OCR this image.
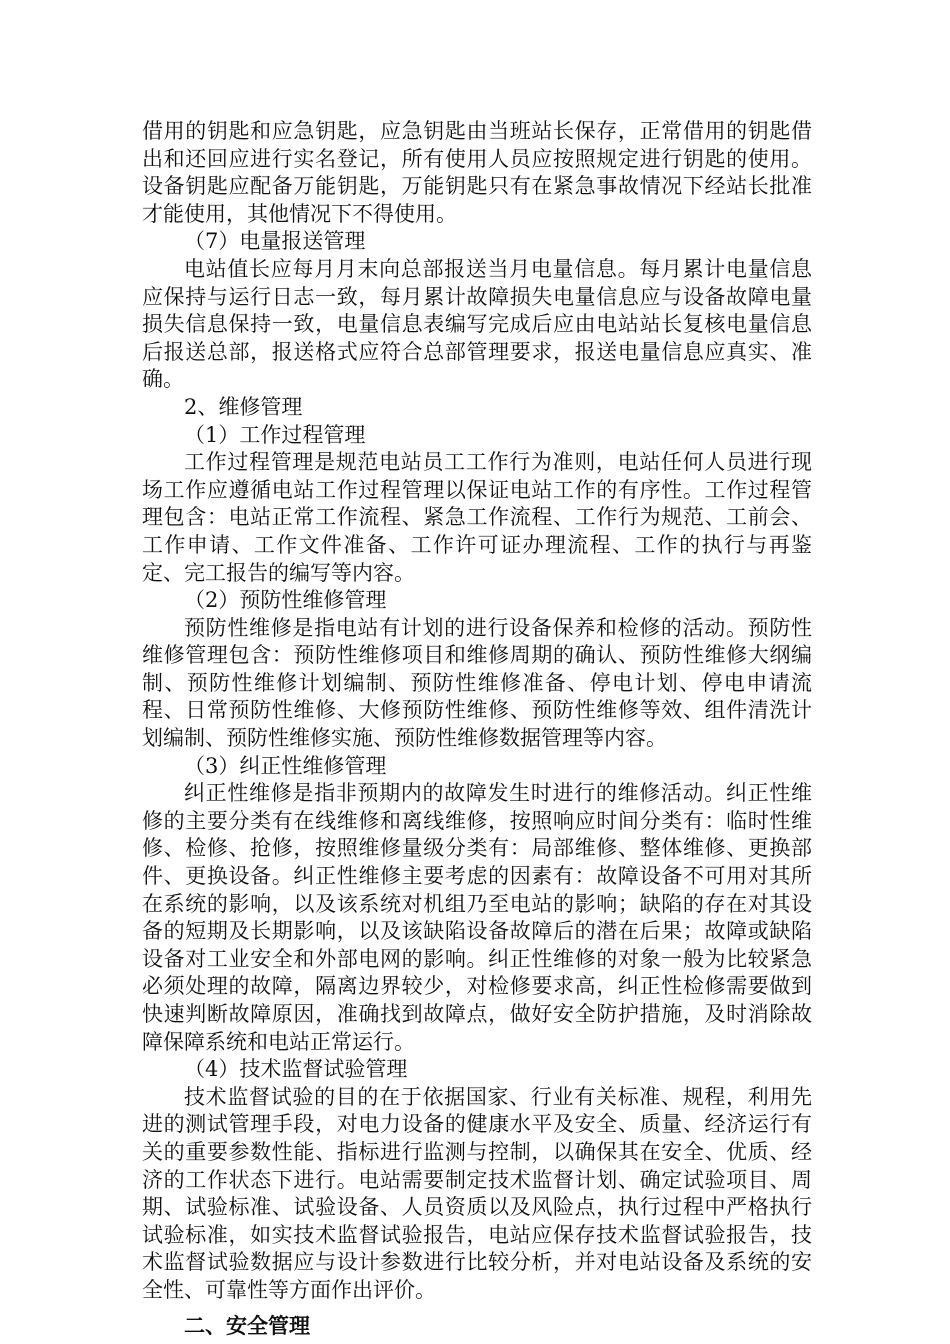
借用的钥匙和应急钥匙，应急钥匙由当班站长保存，正常借用的钥匙借出和还回应进行实名登记，所有使用人员应按照规定进行钥匙的使用。设备钥匙应配备万能钥匙，万能钥匙只有在紧急事故情况下经站长批准才能使用，其他情况下不得使用。

（7）电量报送管理

电站值长应每月月末向总部报送当月电量信息。每月累计电量信息应保持与运行日志一致，每月累计故障损失电量信息应与设备故障电量损失信息保持一致，电量信息表编写完成后应由电站站长复核电量信息后报送总部，报送格式应符合总部管理要求，报送电量信息应真实、准确。

2、维修管理

（1）工作过程管理

工作过程管理是规范电站员工工作行为准则，电站任何人员进行现场工作应遵循电站工作过程管理以保证电站工作的有序性。工作过程管理包含：电站正常工作流程、紧急工作流程、工作行为规范、工前会、工作申请、工作文件准备、工作许可证办理流程、工作的执行与再鉴定、完工报告的编写等内容。

（2）预防性维修管理

预防性维修是指电站有计划的进行设备保养和检修的活动。预防性维修管理包含：预防性维修项目和维修周期的确认、预防性维修大纲编制、预防性维修计划编制、预防性维修准备、停电计划、停电申请流程、日常预防性维修、大修预防性维修、预防性维修等效、组件清洗计划编制、预防性维修实施、预防性维修数据管理等内容。

（3）纠正性维修管理

纠正性维修是指非预期内的故障发生时进行的维修活动。纠正性维修的主要分类有在线维修和离线维修，按照响应时间分类有：临时性维修、检修、抢修，按照维修量级分类有：局部维修、整体维修、更换部件、更换设备。纠正性维修主要考虑的因素有：故障设备不可用对其所在系统的影响，以及该系统对机组乃至电站的影响；缺陷的存在对其设备的短期及长期影响，以及该缺陷设备故障后的潜在后果；故障或缺陷设备对工业安全和外部电网的影响。纠正性维修的对象一般为比较紧急必须处理的故障，隔离边界较少，对检修要求高，纠正性检修需要做到快速判断故障原因，准确找到故障点，做好安全防护措施，及时消除故障保障系统和电站正常运行。

（4）技术监督试验管理

技术监督试验的目的在于依据国家、行业有关标准、规程，利用先进的测试管理手段，对电力设备的健康水平及安全、质量、经济运行有关的重要参数性能、指标进行监测与控制，以确保其在安全、优质、经济的工作状态下进行。电站需要制定技术监督计划、确定试验项目、周期、试验标准、试验设备、人员资质以及风险点，执行过程中严格执行试验标准，如实技术监督试验报告，电站应保存技术监督试验报告，技术监督试验数据应与设计参数进行比较分析，并对电站设备及系统的安全性、可靠性等方面作出评价。

二、安全管理
